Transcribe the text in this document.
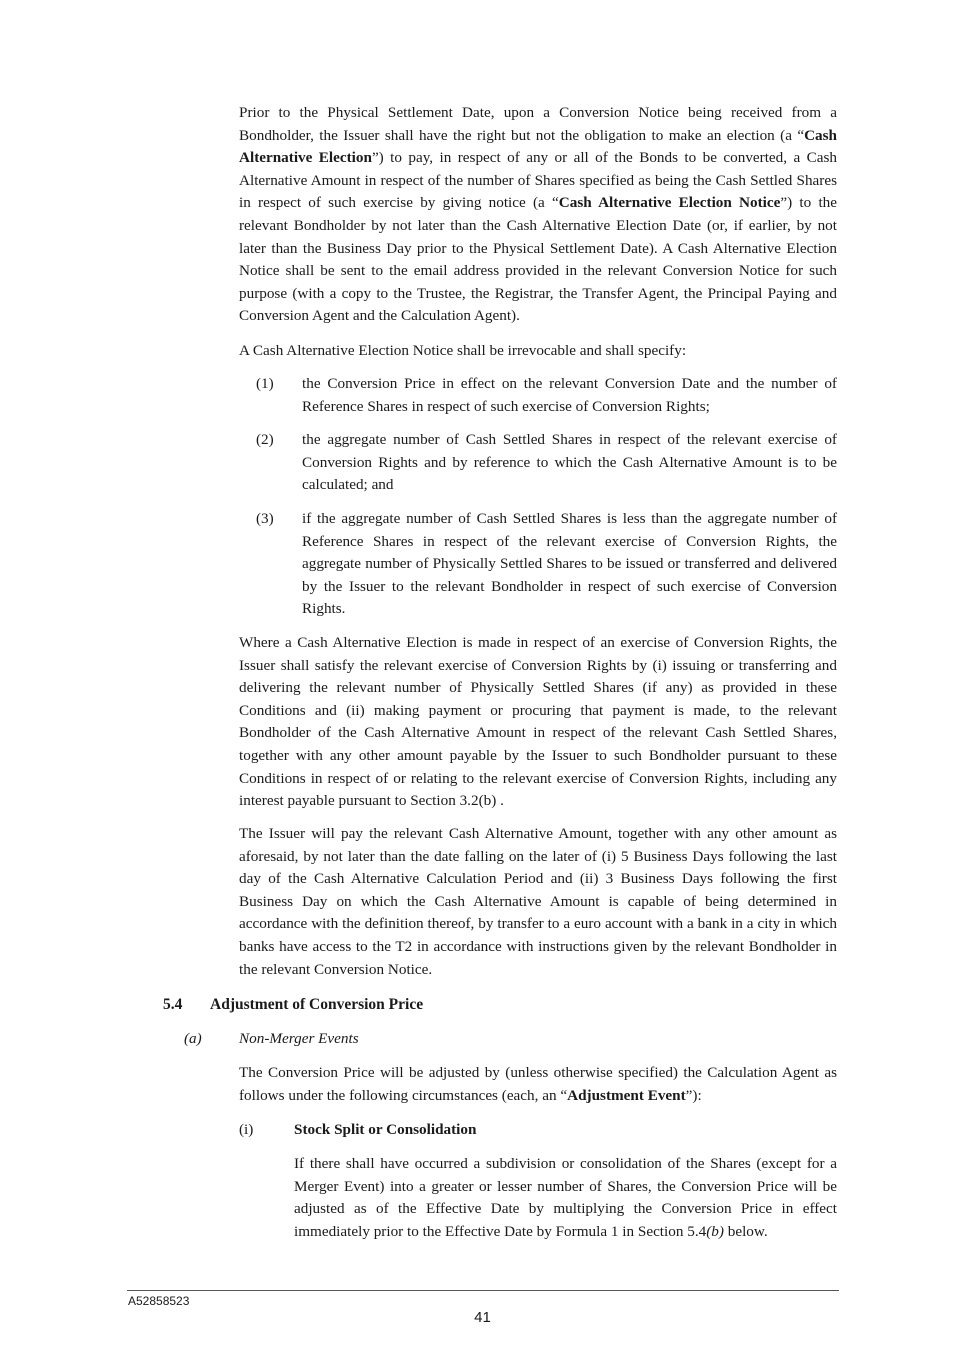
Prior to the Physical Settlement Date, upon a Conversion Notice being received from a Bondholder, the Issuer shall have the right but not the obligation to make an election (a “Cash Alternative Election”) to pay, in respect of any or all of the Bonds to be converted, a Cash Alternative Amount in respect of the number of Shares specified as being the Cash Settled Shares in respect of such exercise by giving notice (a “Cash Alternative Election Notice”) to the relevant Bondholder by not later than the Cash Alternative Election Date (or, if earlier, by not later than the Business Day prior to the Physical Settlement Date). A Cash Alternative Election Notice shall be sent to the email address provided in the relevant Conversion Notice for such purpose (with a copy to the Trustee, the Registrar, the Transfer Agent, the Principal Paying and Conversion Agent and the Calculation Agent).

A Cash Alternative Election Notice shall be irrevocable and shall specify:

(1) the Conversion Price in effect on the relevant Conversion Date and the number of Reference Shares in respect of such exercise of Conversion Rights;

(2) the aggregate number of Cash Settled Shares in respect of the relevant exercise of Conversion Rights and by reference to which the Cash Alternative Amount is to be calculated; and

(3) if the aggregate number of Cash Settled Shares is less than the aggregate number of Reference Shares in respect of the relevant exercise of Conversion Rights, the aggregate number of Physically Settled Shares to be issued or transferred and delivered by the Issuer to the relevant Bondholder in respect of such exercise of Conversion Rights.

Where a Cash Alternative Election is made in respect of an exercise of Conversion Rights, the Issuer shall satisfy the relevant exercise of Conversion Rights by (i) issuing or transferring and delivering the relevant number of Physically Settled Shares (if any) as provided in these Conditions and (ii) making payment or procuring that payment is made, to the relevant Bondholder of the Cash Alternative Amount in respect of the relevant Cash Settled Shares, together with any other amount payable by the Issuer to such Bondholder pursuant to these Conditions in respect of or relating to the relevant exercise of Conversion Rights, including any interest payable pursuant to Section 3.2(b) .

The Issuer will pay the relevant Cash Alternative Amount, together with any other amount as aforesaid, by not later than the date falling on the later of (i) 5 Business Days following the last day of the Cash Alternative Calculation Period and (ii) 3 Business Days following the first Business Day on which the Cash Alternative Amount is capable of being determined in accordance with the definition thereof, by transfer to a euro account with a bank in a city in which banks have access to the T2 in accordance with instructions given by the relevant Bondholder in the relevant Conversion Notice.

5.4 Adjustment of Conversion Price
(a) Non-Merger Events

The Conversion Price will be adjusted by (unless otherwise specified) the Calculation Agent as follows under the following circumstances (each, an “Adjustment Event”):

(i)	Stock Split or Consolidation

If there shall have occurred a subdivision or consolidation of the Shares (except for a Merger Event) into a greater or lesser number of Shares, the Conversion Price will be adjusted as of the Effective Date by multiplying the Conversion Price in effect immediately prior to the Effective Date by Formula 1 in Section 5.4(b) below.

A52858523
41
